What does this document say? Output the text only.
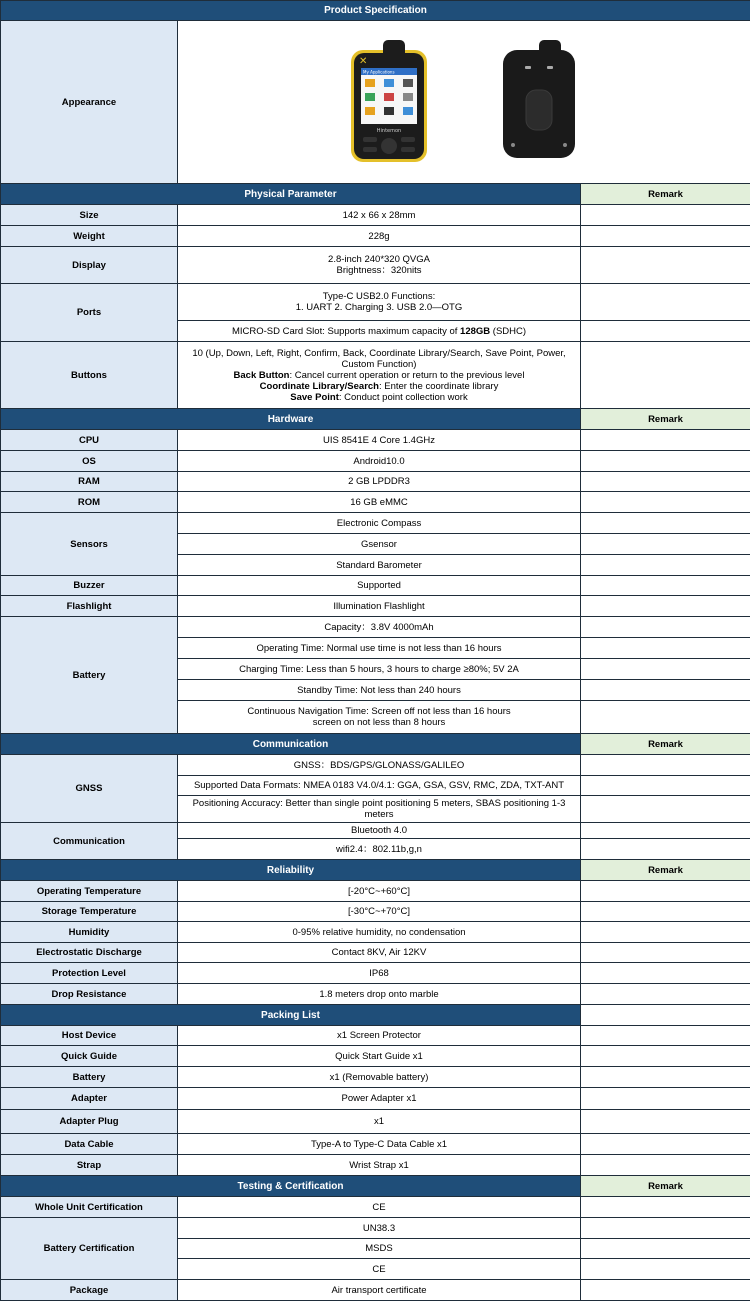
Product Specification		
Appearance	✕
My Applications
Hintemon	

Physical Parameter		Remark
Size	142 x 66 x 28mm	
Weight	228g	
Display	2.8-inch 240*320 QVGA
Brightness：320nits	
Ports	Type-C USB2.0 Functions:
1. UART 2. Charging 3. USB 2.0—OTG	
	MICRO-SD Card Slot: Supports maximum capacity of 128GB (SDHC)	
Buttons	10 (Up, Down, Left, Right, Confirm, Back, Coordinate Library/Search, Save Point, Power, Custom Function)
Back Button: Cancel current operation or return to the previous level
Coordinate Library/Search: Enter the coordinate library
Save Point: Conduct point collection work	

Hardware		Remark
CPU	UIS 8541E 4 Core 1.4GHz	
OS	Android10.0	
RAM	2 GB LPDDR3	
ROM	16 GB eMMC	
Sensors	Electronic Compass	
	Gsensor	
	Standard Barometer	
Buzzer	Supported	
Flashlight	Illumination Flashlight	
Battery	Capacity：3.8V 4000mAh	
	Operating Time: Normal use time is not less than 16 hours	
	Charging Time: Less than 5 hours, 3 hours to charge ≥80%; 5V 2A	
	Standby Time: Not less than 240 hours	
	Continuous Navigation Time: Screen off not less than 16 hours
screen on not less than 8 hours	
Communication		Remark
GNSS	GNSS：BDS/GPS/GLONASS/GALILEO	
	Supported Data Formats: NMEA 0183 V4.0/4.1: GGA, GSA, GSV, RMC, ZDA, TXT-ANT	
	Positioning Accuracy: Better than single point positioning 5 meters, SBAS positioning 1-3 meters	
Communication	Bluetooth 4.0	
	wifi2.4：802.11b,g,n	
Reliability		Remark
Operating Temperature	[-20°C~+60°C]	
Storage Temperature	[-30°C~+70°C]	
Humidity	0-95% relative humidity, no condensation	
Electrostatic Discharge	Contact 8KV, Air 12KV	
Protection Level	IP68	
Drop Resistance	1.8 meters drop onto marble	
Packing List		
Host Device	x1 Screen Protector	
Quick Guide	Quick Start Guide x1	
Battery	x1 (Removable battery)	
Adapter	Power Adapter x1	
Adapter Plug	x1	
Data Cable	Type-A to Type-C Data Cable x1	
Strap	Wrist Strap x1	
Testing & Certification		Remark
Whole Unit Certification	CE	
Battery Certification	UN38.3	
	MSDS	
	CE	
Package	Air transport certificate	
